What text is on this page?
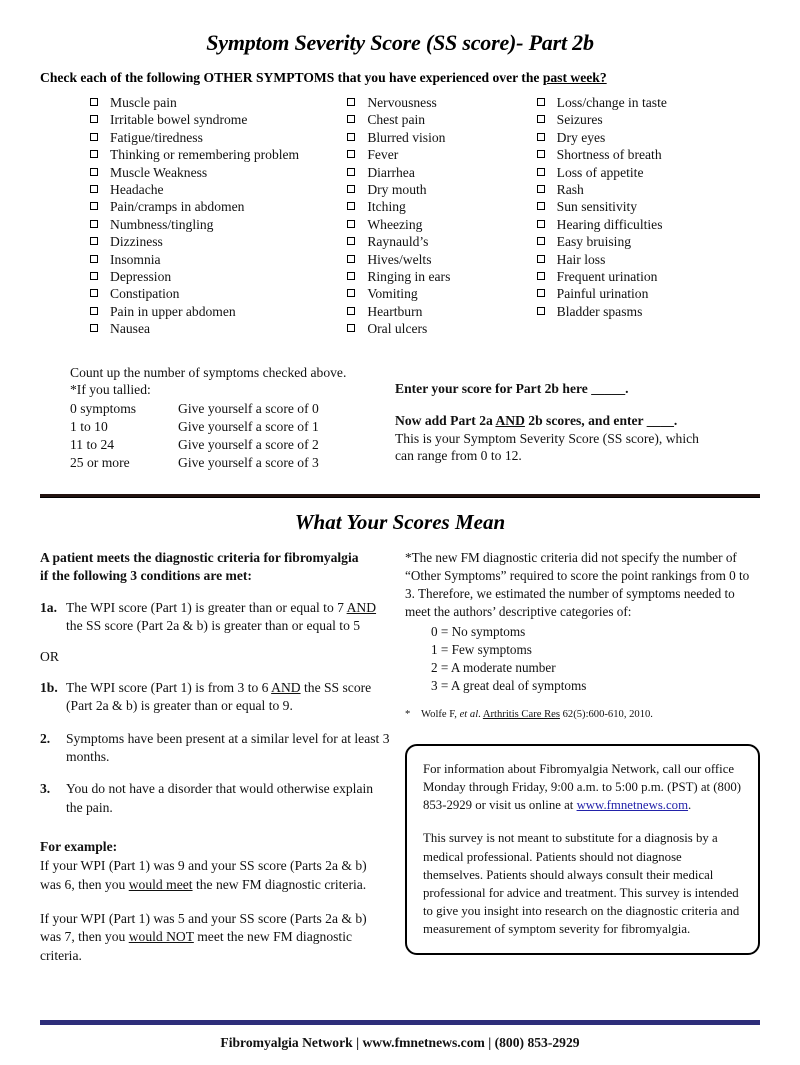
Symptom Severity Score (SS score)- Part 2b
Check each of the following OTHER SYMPTOMS that you have experienced over the past week?
Muscle pain
Irritable bowel syndrome
Fatigue/tiredness
Thinking or remembering problem
Muscle Weakness
Headache
Pain/cramps in abdomen
Numbness/tingling
Dizziness
Insomnia
Depression
Constipation
Pain in upper abdomen
Nausea
Nervousness
Chest pain
Blurred vision
Fever
Diarrhea
Dry mouth
Itching
Wheezing
Raynauld’s
Hives/welts
Ringing in ears
Vomiting
Heartburn
Oral ulcers
Loss/change in taste
Seizures
Dry eyes
Shortness of breath
Loss of appetite
Rash
Sun sensitivity
Hearing difficulties
Easy bruising
Hair loss
Frequent urination
Painful urination
Bladder spasms
Count up the number of symptoms checked above.
*If you tallied:
0 symptoms	Give yourself a score of 0
1 to 10	Give yourself a score of 1
11 to 24	Give yourself a score of 2
25 or more	Give yourself a score of 3
Enter your score for Part 2b here _____.
Now add Part 2a AND 2b scores, and enter ____.
This is your Symptom Severity Score (SS score), which
can range from 0 to 12.
What Your Scores Mean
A patient meets the diagnostic criteria for fibromyalgia
if the following 3 conditions are met:
1a. The WPI score (Part 1) is greater than or equal to 7 AND the SS score (Part 2a & b) is greater than or equal to 5
OR
1b. The WPI score (Part 1) is from 3 to 6 AND the SS score (Part 2a & b) is greater than or equal to 9.
2.	Symptoms have been present at a similar level for at least 3 months.
3.	You do not have a disorder that would otherwise explain the pain.
For example:
If your WPI (Part 1) was 9 and your SS score (Parts 2a & b) was 6, then you would meet the new FM diagnostic criteria.
If your WPI (Part 1) was 5 and your SS score (Parts 2a & b) was 7, then you would NOT meet the new FM diagnostic criteria.
*The new FM diagnostic criteria did not specify the number of “Other Symptoms” required to score the point rankings from 0 to 3. Therefore, we estimated the number of symptoms needed to meet the authors’ descriptive categories of:
0 = No symptoms
1 = Few symptoms
2 = A moderate number
3 = A great deal of symptoms
*	Wolfe F, et al. Arthritis Care Res 62(5):600-610, 2010.

For information about Fibromyalgia Network, call our office Monday through Friday, 9:00 a.m. to 5:00 p.m. (PST) at (800) 853-2929 or visit us online at www.fmnetnews.com.

This survey is not meant to substitute for a diagnosis by a medical professional. Patients should not diagnose themselves. Patients should always consult their medical professional for advice and treatment. This survey is intended to give you insight into research on the diagnostic criteria and measurement of symptom severity for fibromyalgia.

Fibromyalgia Network | www.fmnetnews.com | (800) 853-2929
